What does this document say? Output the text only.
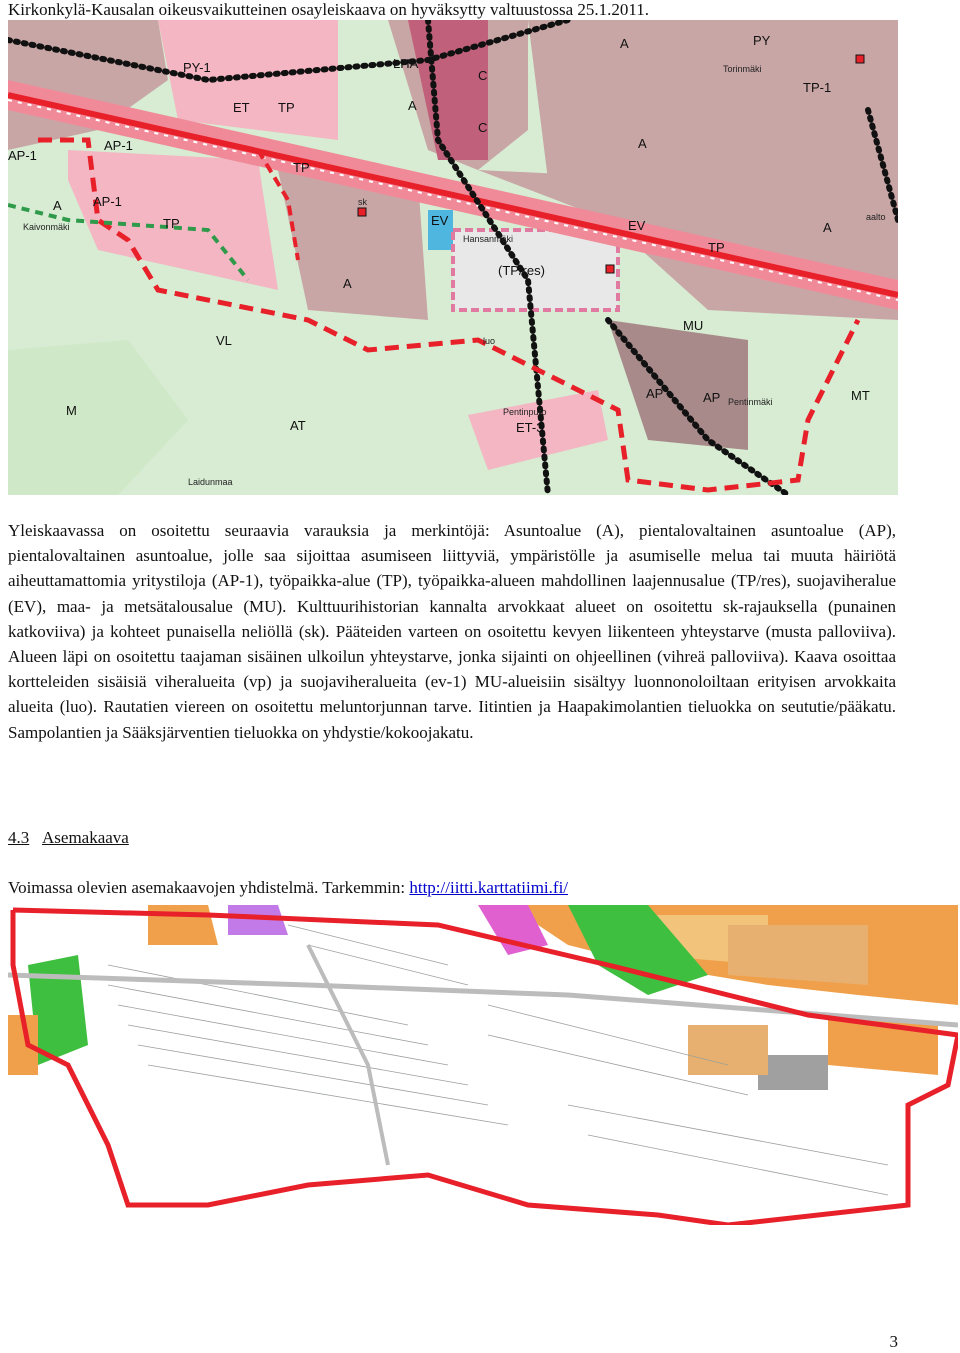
Kirkonkylä-Kausalan oikeusvaikutteinen osayleiskaava on hyväksytty valtuustossa 25.1.2011.
PY-1
PY
LHA
C
C
ET TP
TP
TP
TP
TP-1
AP-1
AP-1
AP-1
A
A
A
A
A
A
EV	EV
(TP/res)
MU
AP	AP	MT
VL
M
AT	ET-3
luo
sk
Torinmäki
Kaivonmäki
Hansanmäki
Pentinmäki
Laidunmaa
aalto
Pentinpuro
Yleiskaavassa on osoitettu seuraavia varauksia ja merkintöjä: Asuntoalue (A), pientalovaltainen asuntoalue (AP), pientalovaltainen asuntoalue, jolle saa sijoittaa asumiseen liittyviä, ympäristölle ja asumiselle melua tai muuta häiriötä aiheuttamattomia yritystiloja (AP-1), työpaikka-alue (TP), työpaikka-alueen mahdollinen laajennusalue (TP/res), suojaviheralue (EV), maa- ja metsätalousalue (MU). Kulttuurihistorian kannalta arvokkaat alueet on osoitettu sk-rajauksella (punainen katkoviiva) ja kohteet punaisella neliöllä (sk). Pääteiden varteen on osoitettu kevyen liikenteen yhteystarve (musta palloviiva). Alueen läpi on osoitettu taajaman sisäinen ulkoilun yhteystarve, jonka sijainti on ohjeellinen (vihreä palloviiva). Kaava osoittaa kortteleiden sisäisiä viheralueita (vp) ja suojaviheralueita (ev-1) MU-alueisiin sisältyy luonnonoloiltaan erityisen arvokkaita alueita (luo). Rautatien viereen on osoitettu meluntorjunnan tarve. Iitintien ja Haapakimolantien tieluokka on seututie/pääkatu. Sampolantien ja Sääksjärventien tieluokka on yhdystie/kokoojakatu.
4.3 Asemakaava
Voimassa olevien asemakaavojen yhdistelmä. Tarkemmin: http://iitti.karttatiimi.fi/
3
